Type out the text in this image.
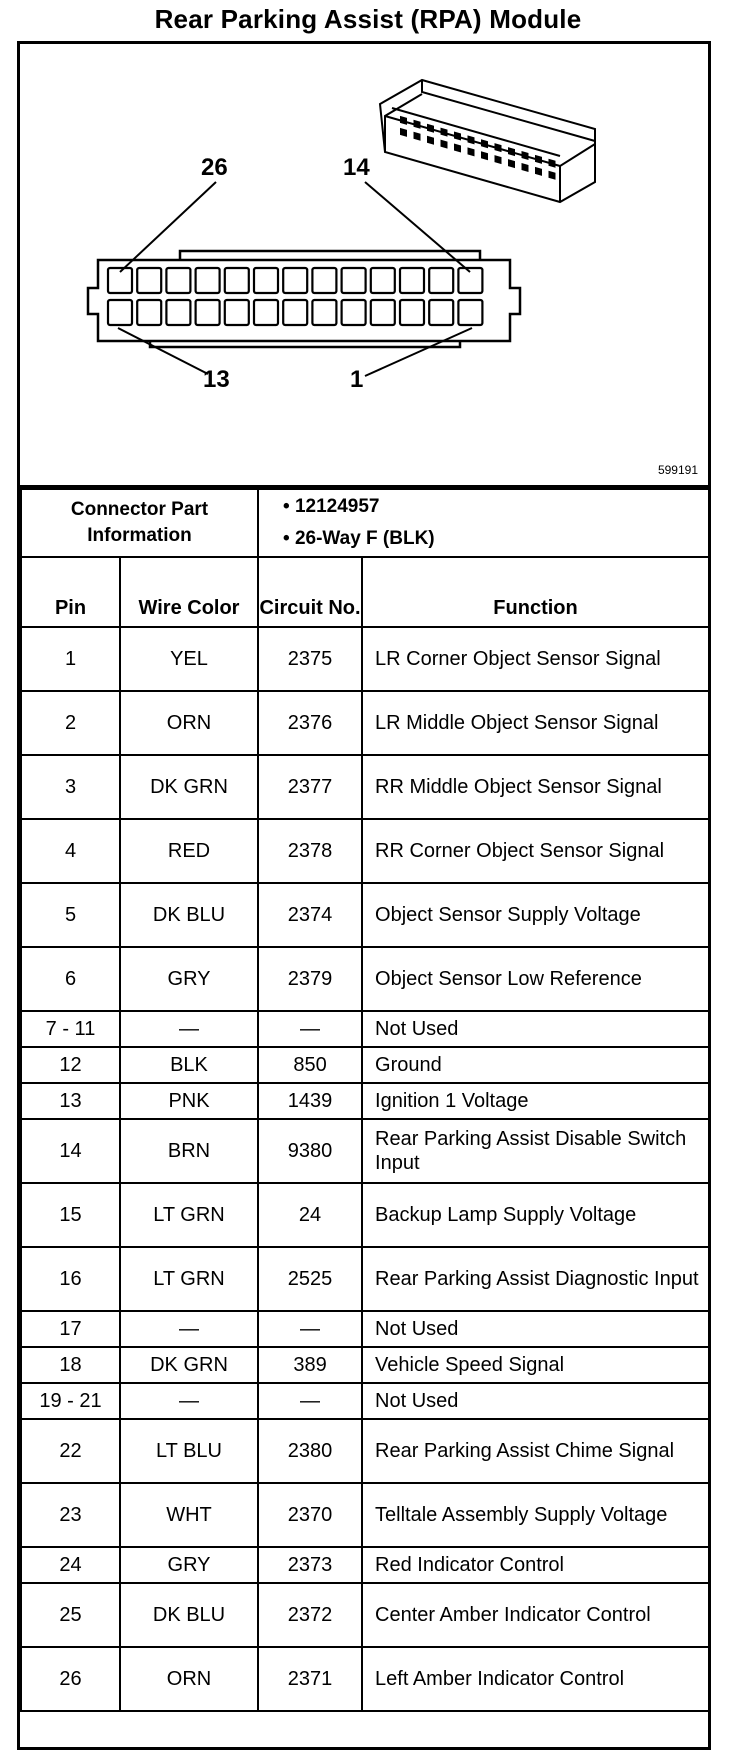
Rear Parking Assist (RPA) Module
26	14
13	1
599191
Connector Part Information		• 12124957
• 26-Way F (BLK)	

Pin	Wire Color	Circuit No.	Function
1	YEL	2375	LR Corner Object Sensor Signal
2	ORN	2376	LR Middle Object Sensor Signal
3	DK GRN	2377	RR Middle Object Sensor Signal
4	RED	2378	RR Corner Object Sensor Signal
5	DK BLU	2374	Object Sensor Supply Voltage
6	GRY	2379	Object Sensor Low Reference
7 - 11	—	—	Not Used
12	BLK	850	Ground
13	PNK	1439	Ignition 1 Voltage
14	BRN	9380	Rear Parking Assist Disable Switch Input
15	LT GRN	24	Backup Lamp Supply Voltage
16	LT GRN	2525	Rear Parking Assist Diagnostic Input
17	—	—	Not Used
18	DK GRN	389	Vehicle Speed Signal
19 - 21	—	—	Not Used
22	LT BLU	2380	Rear Parking Assist Chime Signal
23	WHT	2370	Telltale Assembly Supply Voltage
24	GRY	2373	Red Indicator Control
25	DK BLU	2372	Center Amber Indicator Control
26	ORN	2371	Left Amber Indicator Control
